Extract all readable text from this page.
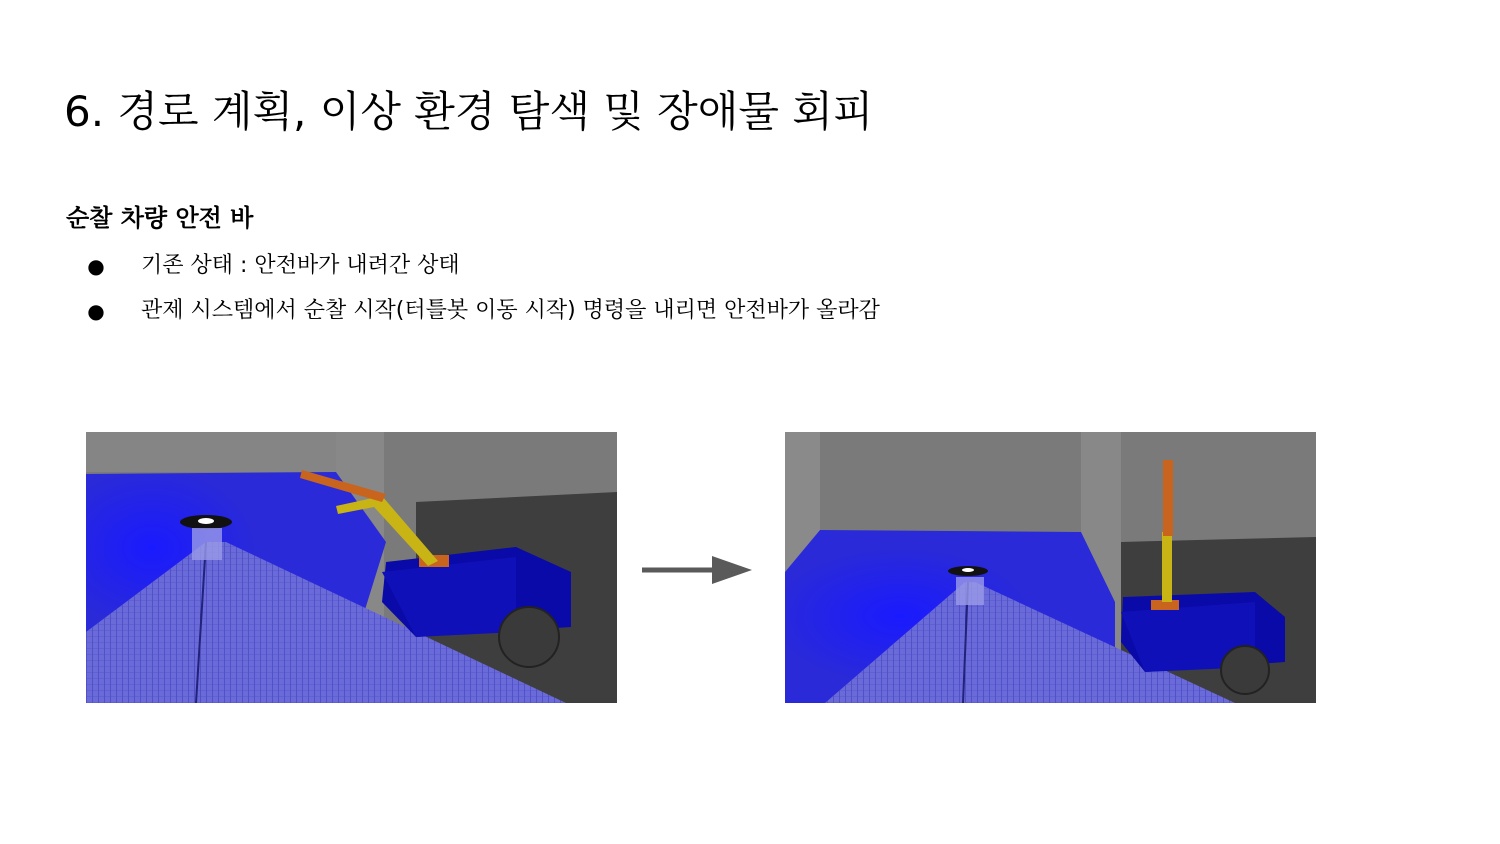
6. 경로 계획, 이상 환경 탐색 및 장애물 회피
순찰 차량 안전 바
● 기존 상태 : 안전바가 내려간 상태
● 관제 시스템에서 순찰 시작(터틀봇 이동 시작) 명령을 내리면 안전바가 올라감
